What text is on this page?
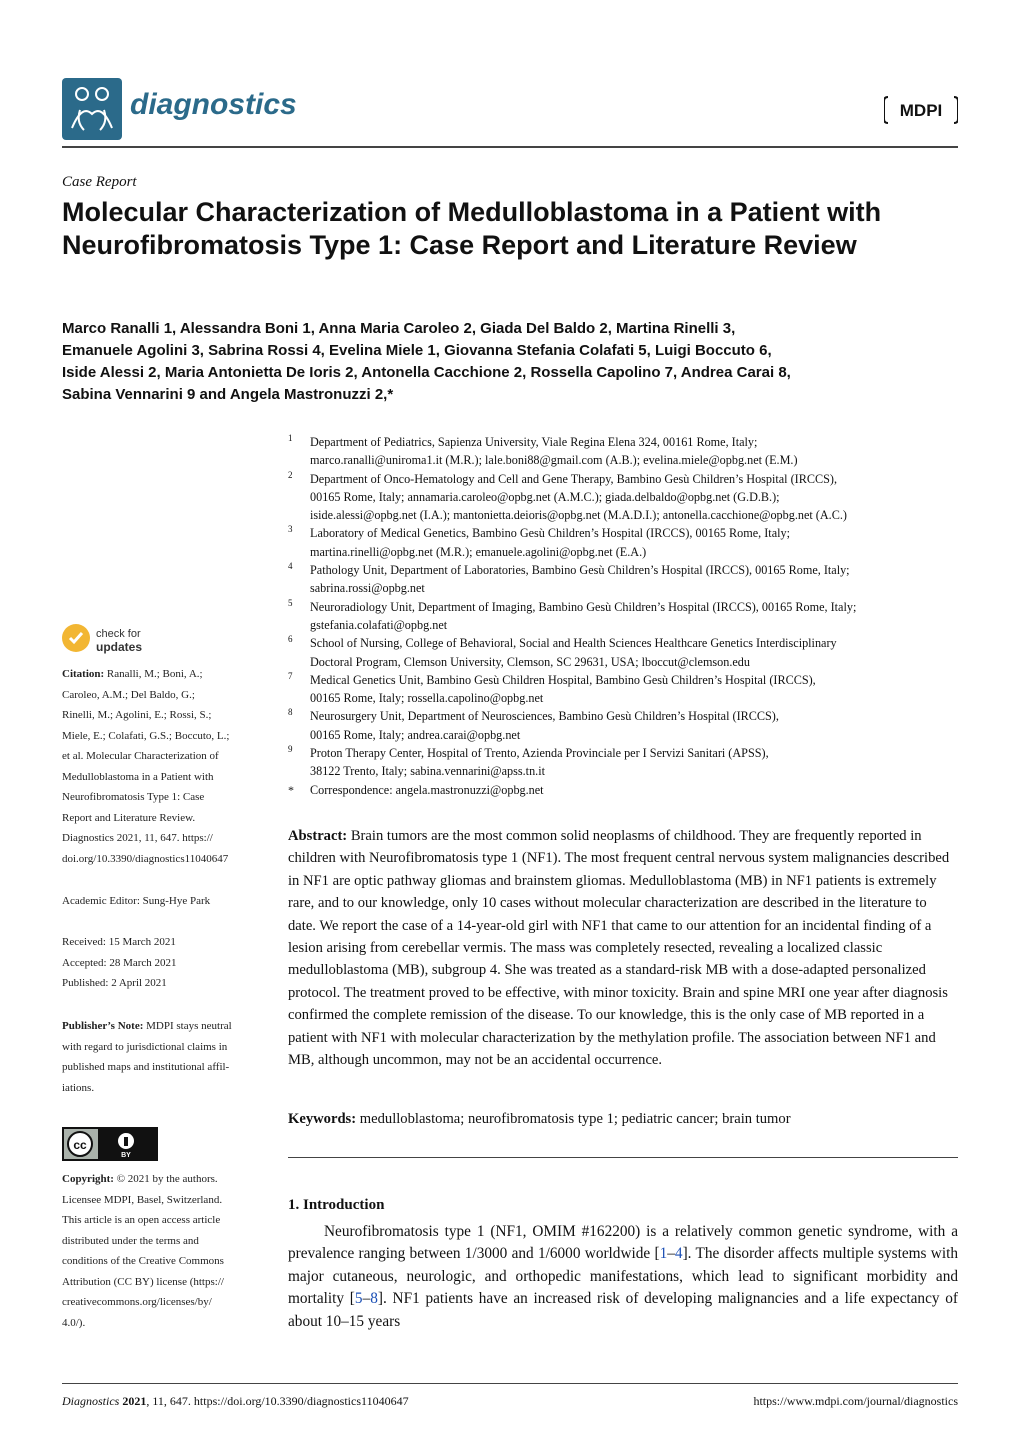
diagnostics	MDPI
Case Report
Molecular Characterization of Medulloblastoma in a Patient with Neurofibromatosis Type 1: Case Report and Literature Review
Marco Ranalli 1, Alessandra Boni 1, Anna Maria Caroleo 2, Giada Del Baldo 2, Martina Rinelli 3,
Emanuele Agolini 3, Sabrina Rossi 4, Evelina Miele 1, Giovanna Stefania Colafati 5, Luigi Boccuto 6,
Iside Alessi 2, Maria Antonietta De Ioris 2, Antonella Cacchione 2, Rossella Capolino 7, Andrea Carai 8,
Sabina Vennarini 9 and Angela Mastronuzzi 2,*
1 Department of Pediatrics, Sapienza University, Viale Regina Elena 324, 00161 Rome, Italy;
marco.ranalli@uniroma1.it (M.R.); lale.boni88@gmail.com (A.B.); evelina.miele@opbg.net (E.M.)
2 Department of Onco-Hematology and Cell and Gene Therapy, Bambino Gesù Children’s Hospital (IRCCS),
00165 Rome, Italy; annamaria.caroleo@opbg.net (A.M.C.); giada.delbaldo@opbg.net (G.D.B.);
iside.alessi@opbg.net (I.A.); mantonietta.deioris@opbg.net (M.A.D.I.); antonella.cacchione@opbg.net (A.C.)
3 Laboratory of Medical Genetics, Bambino Gesù Children’s Hospital (IRCCS), 00165 Rome, Italy;
martina.rinelli@opbg.net (M.R.); emanuele.agolini@opbg.net (E.A.)
4 Pathology Unit, Department of Laboratories, Bambino Gesù Children’s Hospital (IRCCS), 00165 Rome, Italy;
sabrina.rossi@opbg.net
5 Neuroradiology Unit, Department of Imaging, Bambino Gesù Children’s Hospital (IRCCS), 00165 Rome, Italy;
gstefania.colafati@opbg.net
6 School of Nursing, College of Behavioral, Social and Health Sciences Healthcare Genetics Interdisciplinary
Doctoral Program, Clemson University, Clemson, SC 29631, USA; lboccut@clemson.edu
7 Medical Genetics Unit, Bambino Gesù Children Hospital, Bambino Gesù Children’s Hospital (IRCCS),
00165 Rome, Italy; rossella.capolino@opbg.net
8 Neurosurgery Unit, Department of Neurosciences, Bambino Gesù Children’s Hospital (IRCCS),
00165 Rome, Italy; andrea.carai@opbg.net
9 Proton Therapy Center, Hospital of Trento, Azienda Provinciale per I Servizi Sanitari (APSS),
38122 Trento, Italy; sabina.vennarini@apss.tn.it
* Correspondence: angela.mastronuzzi@opbg.net
check for
updates
Citation: Ranalli, M.; Boni, A.;
Caroleo, A.M.; Del Baldo, G.;
Rinelli, M.; Agolini, E.; Rossi, S.;
Miele, E.; Colafati, G.S.; Boccuto, L.;
et al. Molecular Characterization of
Medulloblastoma in a Patient with
Neurofibromatosis Type 1: Case
Report and Literature Review.
Diagnostics 2021, 11, 647. https://
doi.org/10.3390/diagnostics11040647
Academic Editor: Sung-Hye Park
Received: 15 March 2021
Accepted: 28 March 2021
Published: 2 April 2021
Publisher’s Note: MDPI stays neutral
with regard to jurisdictional claims in
published maps and institutional affil-
iations.
cc
BY
Copyright: © 2021 by the authors.
Licensee MDPI, Basel, Switzerland.
This article is an open access article
distributed under the terms and
conditions of the Creative Commons
Attribution (CC BY) license (https://
creativecommons.org/licenses/by/
4.0/).
Abstract: Brain tumors are the most common solid neoplasms of childhood. They are frequently reported in children with Neurofibromatosis type 1 (NF1). The most frequent central nervous system malignancies described in NF1 are optic pathway gliomas and brainstem gliomas. Medulloblastoma (MB) in NF1 patients is extremely rare, and to our knowledge, only 10 cases without molecular characterization are described in the literature to date. We report the case of a 14-year-old girl with NF1 that came to our attention for an incidental finding of a lesion arising from cerebellar vermis. The mass was completely resected, revealing a localized classic medulloblastoma (MB), subgroup 4. She was treated as a standard-risk MB with a dose-adapted personalized protocol. The treatment proved to be effective, with minor toxicity. Brain and spine MRI one year after diagnosis confirmed the complete remission of the disease. To our knowledge, this is the only case of MB reported in a patient with NF1 with molecular characterization by the methylation profile. The association between NF1 and MB, although uncommon, may not be an accidental occurrence.
Keywords: medulloblastoma; neurofibromatosis type 1; pediatric cancer; brain tumor
1. Introduction
Neurofibromatosis type 1 (NF1, OMIM #162200) is a relatively common genetic syndrome, with a prevalence ranging between 1/3000 and 1/6000 worldwide [1–4]. The disorder affects multiple systems with major cutaneous, neurologic, and orthopedic manifestations, which lead to significant morbidity and mortality [5–8]. NF1 patients have an increased risk of developing malignancies and a life expectancy of about 10–15 years
Diagnostics 2021, 11, 647. https://doi.org/10.3390/diagnostics11040647	https://www.mdpi.com/journal/diagnostics
